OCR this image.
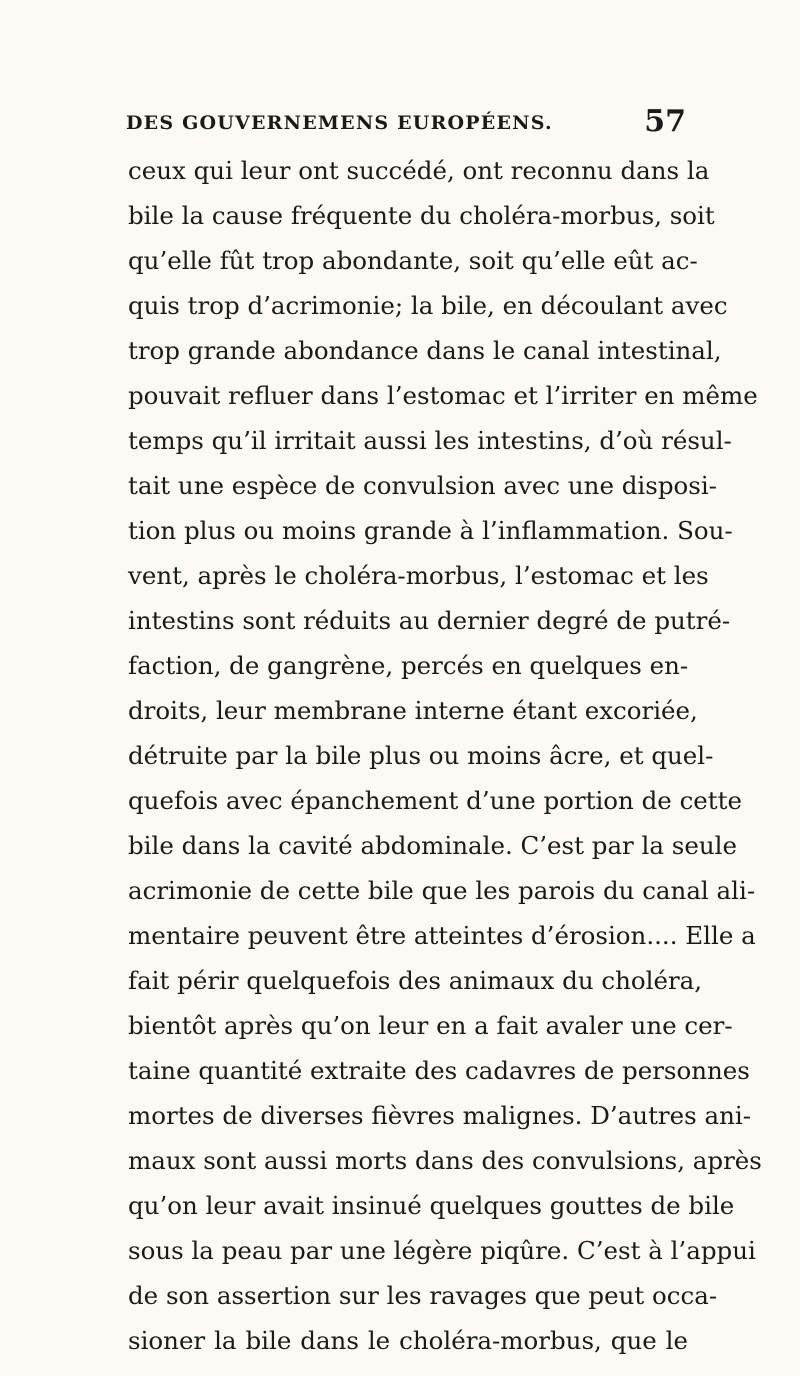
DES GOUVERNEMENS EUROPÉENS.	57
ceux qui leur ont succédé, ont reconnu dans la
bile la cause fréquente du choléra-morbus, soit
qu’elle fût trop abondante, soit qu’elle eût ac-
quis trop d’acrimonie; la bile, en découlant avec
trop grande abondance dans le canal intestinal,
pouvait refluer dans l’estomac et l’irriter en même
temps qu’il irritait aussi les intestins, d’où résul-
tait une espèce de convulsion avec une disposi-
tion plus ou moins grande à l’inflammation. Sou-
vent, après le choléra-morbus, l’estomac et les
intestins sont réduits au dernier degré de putré-
faction, de gangrène, percés en quelques en-
droits, leur membrane interne étant excoriée,
détruite par la bile plus ou moins âcre, et quel-
quefois avec épanchement d’une portion de cette
bile dans la cavité abdominale. C’est par la seule
acrimonie de cette bile que les parois du canal ali-
mentaire peuvent être atteintes d’érosion.... Elle a
fait périr quelquefois des animaux du choléra,
bientôt après qu’on leur en a fait avaler une cer-
taine quantité extraite des cadavres de personnes
mortes de diverses fièvres malignes. D’autres ani-
maux sont aussi morts dans des convulsions, après
qu’on leur avait insinué quelques gouttes de bile
sous la peau par une légère piqûre. C’est à l’appui
de son assertion sur les ravages que peut occa-
sioner la bile dans le choléra-morbus, que le
